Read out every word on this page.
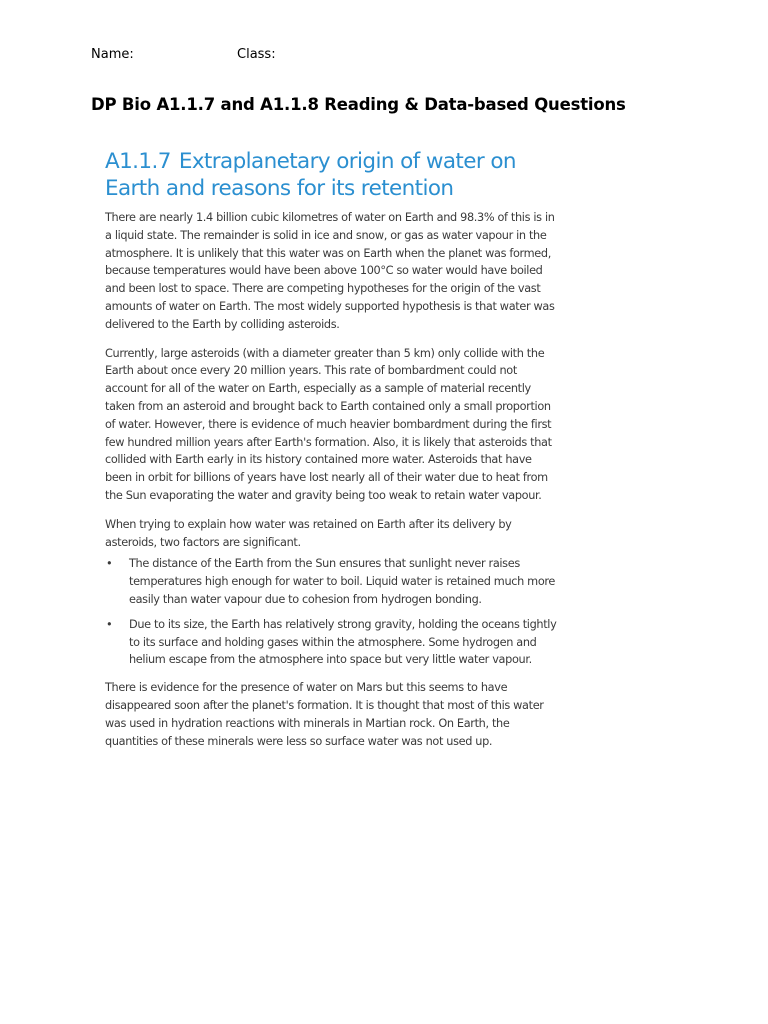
Name:	Class:
DP Bio A1.1.7 and A1.1.8 Reading & Data-based Questions
A1.1.7 Extraplanetary origin of water on
Earth and reasons for its retention

There are nearly 1.4 billion cubic kilometres of water on Earth and 98.3% of this is in a liquid state. The remainder is solid in ice and snow, or gas as water vapour in the atmosphere. It is unlikely that this water was on Earth when the planet was formed, because temperatures would have been above 100°C so water would have boiled and been lost to space. There are competing hypotheses for the origin of the vast amounts of water on Earth. The most widely supported hypothesis is that water was delivered to the Earth by colliding asteroids.

Currently, large asteroids (with a diameter greater than 5 km) only collide with the Earth about once every 20 million years. This rate of bombardment could not account for all of the water on Earth, especially as a sample of material recently taken from an asteroid and brought back to Earth contained only a small proportion of water. However, there is evidence of much heavier bombardment during the first few hundred million years after Earth's formation. Also, it is likely that asteroids that collided with Earth early in its history contained more water. Asteroids that have been in orbit for billions of years have lost nearly all of their water due to heat from the Sun evaporating the water and gravity being too weak to retain water vapour.

When trying to explain how water was retained on Earth after its delivery by asteroids, two factors are significant.

• The distance of the Earth from the Sun ensures that sunlight never raises temperatures high enough for water to boil. Liquid water is retained much more easily than water vapour due to cohesion from hydrogen bonding.
• Due to its size, the Earth has relatively strong gravity, holding the oceans tightly to its surface and holding gases within the atmosphere. Some hydrogen and helium escape from the atmosphere into space but very little water vapour.

There is evidence for the presence of water on Mars but this seems to have disappeared soon after the planet's formation. It is thought that most of this water was used in hydration reactions with minerals in Martian rock. On Earth, the quantities of these minerals were less so surface water was not used up.
